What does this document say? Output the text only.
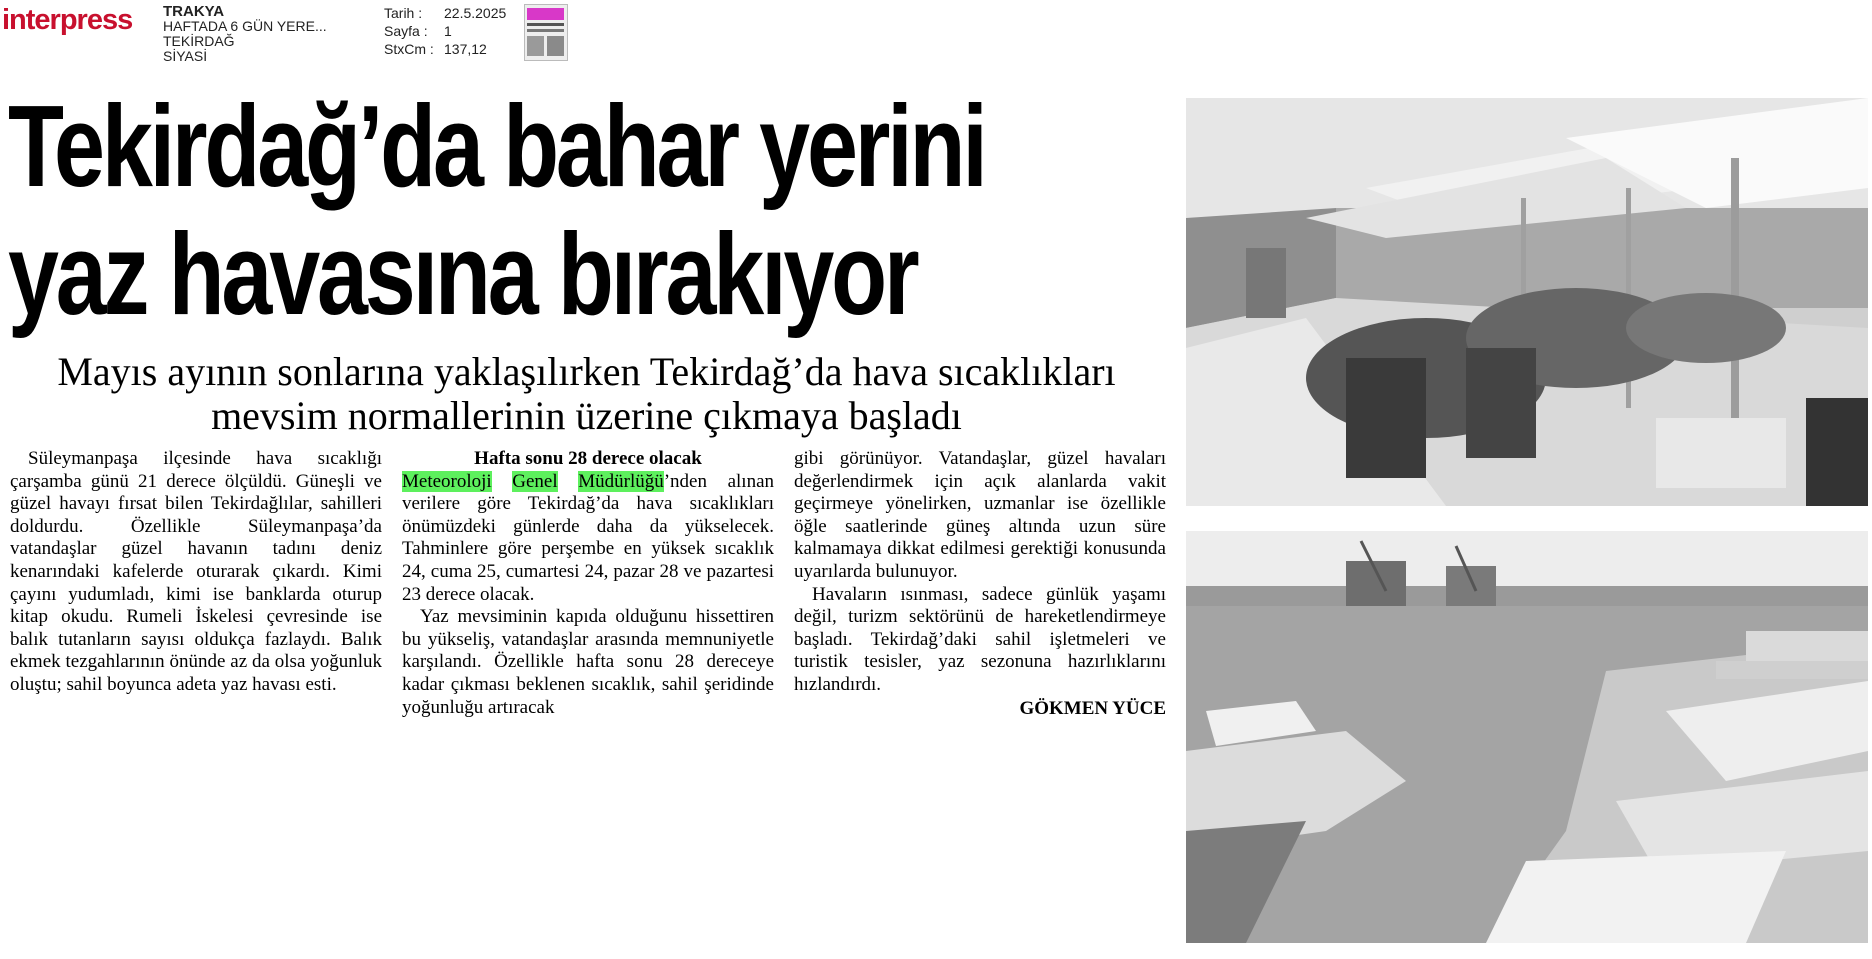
interpress TRAKYA
HAFTADA 6 GÜN YERE...
TEKİRDAĞ
SİYASİ
Tarih :	22.5.2025
Sayfa :	1
StxCm : 137,12
Tekirdağ’da bahar yerini
yaz havasına bırakıyor
Mayıs ayının sonlarına yaklaşılırken Tekirdağ’da hava sıcaklıkları
mevsim normallerinin üzerine çıkmaya başladı

Süleymanpaşa ilçesinde hava sıcaklığı çarşamba günü 21 derece ölçüldü. Güneşli ve güzel havayı fırsat bilen Tekirdağlılar, sahilleri doldurdu. Özellikle Süleymanpaşa’da vatandaşlar güzel havanın tadını deniz kenarındaki kafelerde oturarak çıkardı. Kimi çayını yudumladı, kimi ise banklarda oturup kitap okudu. Rumeli İskelesi çevresinde ise balık tutanların sayısı oldukça fazlaydı. Balık ekmek tezgahlarının önünde az da olsa yoğunluk oluştu; sahil boyunca adeta yaz havası esti.

Hafta sonu 28 derece olacak

Meteoroloji Genel Müdürlüğü’nden alınan verilere göre Tekirdağ’da hava sıcaklıkları önümüzdeki günlerde daha da yükselecek. Tahminlere göre perşembe en yüksek sıcaklık 24, cuma 25, cumartesi 24, pazar 28 ve pazartesi 23 derece olacak.

Yaz mevsiminin kapıda olduğunu hissettiren bu yükseliş, vatandaşlar arasında memnuniyetle karşılandı. Özellikle hafta sonu 28 dereceye kadar çıkması beklenen sıcaklık, sahil şeridinde yoğunluğu artıracak

gibi görünüyor. Vatandaşlar, güzel havaları değerlendirmek için açık alanlarda vakit geçirmeye yönelirken, uzmanlar ise özellikle öğle saatlerinde güneş altında uzun süre kalmamaya dikkat edilmesi gerektiği konusunda uyarılarda bulunuyor.

Havaların ısınması, sadece günlük yaşamı değil, turizm sektörünü de hareketlendirmeye başladı. Tekirdağ’daki sahil işletmeleri ve turistik tesisler, yaz sezonuna hazırlıklarını hızlandırdı.

GÖKMEN YÜCE
